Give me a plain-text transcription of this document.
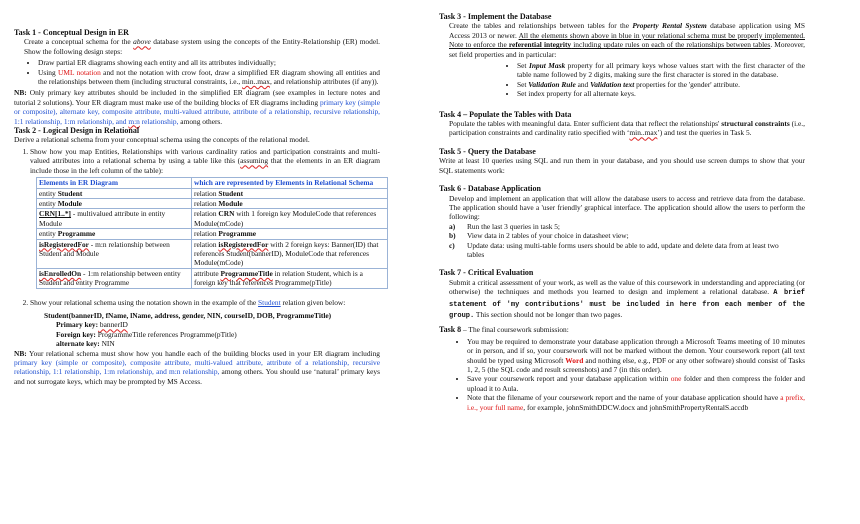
Task 1 - Conceptual Design in ER

Create a conceptual schema for the above database system using the concepts of the Entity-Relationship (ER) model. Show the following design steps:

• Draw partial ER diagrams showing each entity and all its attributes individually;
• Using UML notation and not the notation with crow foot, draw a simplified ER diagram showing all entities and the relationships between them (including structural constraints, i.e., min..max, and relationship attributes (if any)).

NB: Only primary key attributes should be included in the simplified ER diagram (see examples in lecture notes and tutorial 2 solutions). Your ER diagram must make use of the building blocks of ER diagrams including primary key (simple or composite), alternate key, composite attribute, multi-valued attribute, attribute of a relationship, recursive relationship, 1:1 relationship, 1:m relationship, and m:n relationship, among others.

Task 2 - Logical Design in Relational

Derive a relational schema from your conceptual schema using the concepts of the relational model.

1. Show how you map Entities, Relationships with various cardinality ratios and participation constraints and multi-valued attributes into a relational schema by using a table like this (assuming that the elements in an ER diagram include those in the left column of the table):
Elements in ER Diagram	which are represented by Elements in Relational Schema
entity Student	relation Student
entity Module	relation Module
CRN[1..*] - multivalued attribute in entity Module	relation CRN with 1 foreign key ModuleCode that references Module(mCode)
entity Programme	relation Programme
isRegisteredFor - m:n relationship between Student and Module	relation isRegisteredFor with 2 foreign keys: Banner(ID) that references Student(bannerID), ModuleCode that references Module(mCode)
isEnrolledOn - 1:m relationship between entity Student and entity Programme	attribute ProgrammeTitle in relation Student, which is a foreign key that references Programme(pTitle)
2. Show your relational schema using the notation shown in the example of the Student relation given below:

Student(bannerID, fName, lName, address, gender, NIN, courseID, DOB, ProgrammeTitle)

Primary key: bannerID

Foreign key: ProgrammeTitle references Programme(pTitle)

alternate key: NIN

NB: Your relational schema must show how you handle each of the building blocks used in your ER diagram including primary key (simple or composite), composite attribute, multi-valued attribute, attribute of a relationship, recursive relationship, 1:1 relationship, 1:m relationship, and m:n relationship, among others. You should use ‘natural’ primary keys and not surrogate keys, which may be prompted by MS Access.

Task 3 - Implement the Database

Create the tables and relationships between tables for the Property Rental System database application using MS Access 2013 or newer. All the elements shown above in blue in your relational schema must be properly implemented. Note to enforce the referential integrity including update rules on each of the relationships between tables. Moreover, set field properties and in particular:

• Set Input Mask property for all primary keys whose values start with the first character of the table name followed by 2 digits, making sure the first character is stored in the database.
• Set Validation Rule and Validation text properties for the 'gender' attribute.
• Set index property for all alternate keys.

Task 4 – Populate the Tables with Data

Populate the tables with meaningful data. Enter sufficient data that reflect the relationships' structural constraints (i.e., participation constraints and cardinality ratio specified with ‘min..max’) and test the queries in Task 5.

Task 5 - Query the Database

Write at least 10 queries using SQL and run them in your database, and you should use screen dumps to show that your SQL statements work:

Task 6 - Database Application

Develop and implement an application that will allow the database users to access and retrieve data from the database. The application should have a 'user friendly' graphical interface. The application should allow the users to perform the following:

a)	Run the last 3 queries in task 5;
b)	View data in 2 tables of your choice in datasheet view;
c)	Update data: using multi-table forms users should be able to add, update and delete data from at least two tables

Task 7 - Critical Evaluation

Submit a critical assessment of your work, as well as the value of this coursework in understanding and appreciating (or otherwise) the techniques and methods you learned to design and implement a relational database. A brief statement of 'my contributions' must be included in here from each member of the group. This section should not be longer than two pages.

Task 8 – The final coursework submission:

• You may be required to demonstrate your database application through a Microsoft Teams meeting of 10 minutes or in person, and if so, your coursework will not be marked without the demon. Your coursework report (all text should be typed using Microsoft Word and nothing else, e.g., PDF or any other software) should consist of Tasks 1, 2, 5 (the SQL code and result screenshots) and 7 (in this order).
• Save your coursework report and your database application within one folder and then compress the folder and upload it to Aula.
• Note that the filename of your coursework report and the name of your database application should have a prefix, i.e., your full name, for example, johnSmithDDCW.docx and johnSmithPropertyRentalS.accdb
